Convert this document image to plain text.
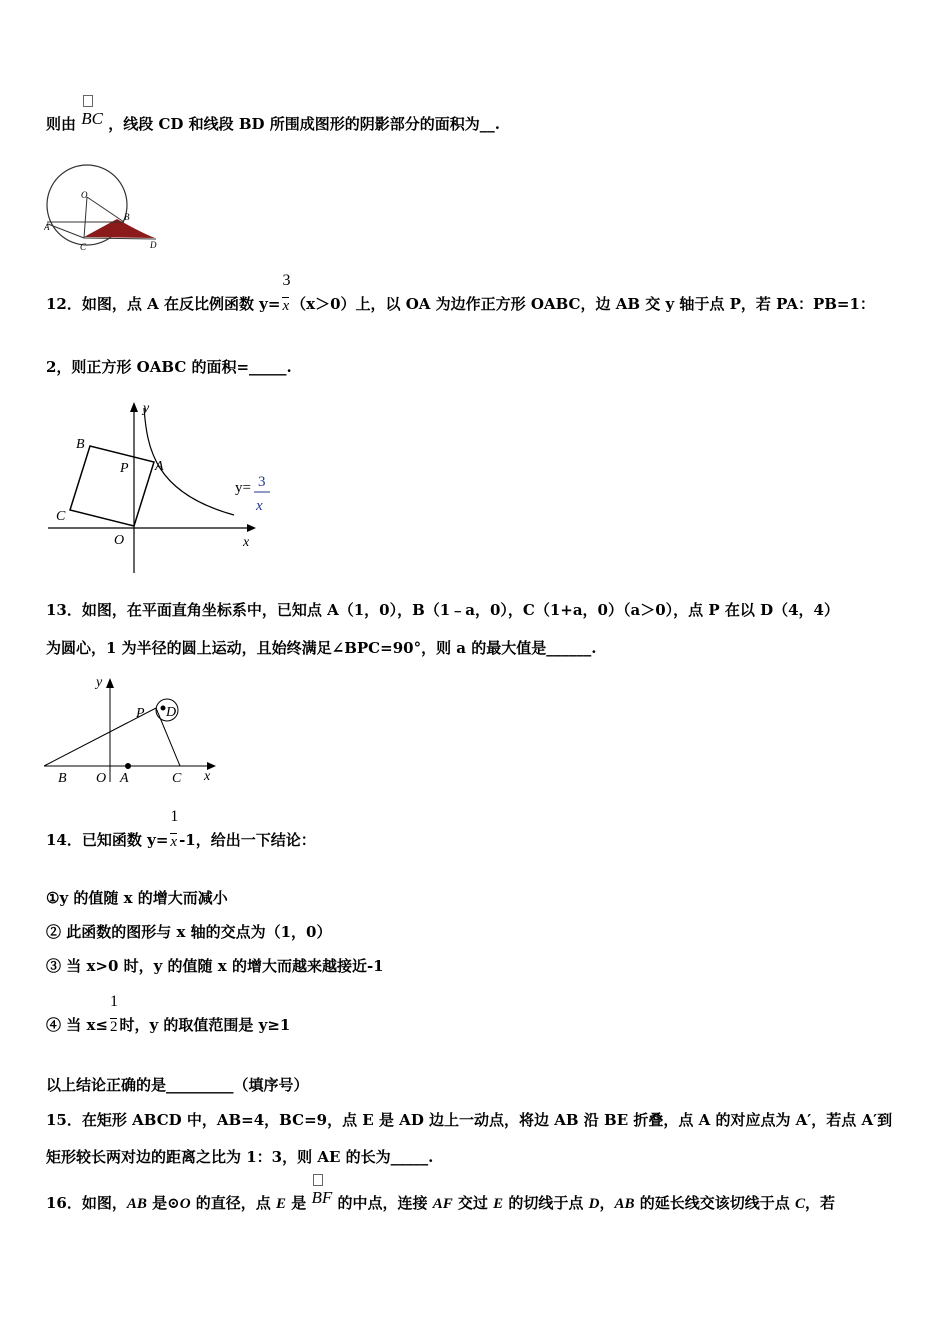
则由 BC ，线段 CD 和线段 BD 所围成图形的阴影部分的面积为__.
O
A
B
C	D
12．如图，点 A 在反比例函数 $y= \frac{3}{x} (x>0)$上，以 OA 为边作正方形 OABC，边 AB 交 y 轴于点 P，若 PA：PB=1：
2，则正方形 OABC 的面积=_____.
y= 3
x
y
x
O
A
B
C
P
13．如图，在平面直角坐标系中，已知点 A（1，0），B（1﹣a，0），C（1+a，0）（a＞0），点 P 在以 D（4，4）
为圆心，1 为半径的圆上运动，且始终满足∠BPC=90°，则 a 的最大值是______.
y
x
O A
B	C
P D
14．已知函数 $y= \frac{1}{x} -1$，给出一下结论：
①y 的值随 x 的增大而减小
② 此函数的图形与 x 轴的交点为（1，0）
③ 当 x>0 时，y 的值随 x 的增大而越来越接近-1
④ 当 $x\le \frac{1}{2}$ 时，y 的取值范围是 y≥1
以上结论正确的是_________（填序号）
15．在矩形 ABCD 中，AB=4，BC=9，点 E 是 AD 边上一动点，将边 AB 沿 BE 折叠，点 A 的对应点为 A′，若点 A′到
矩形较长两对边的距离之比为 1：3，则 AE 的长为_____.
16．如图，AB 是⊙O 的直径，点 E 是
BF 的中点，连接 AF 交过 E 的切线于点 D，AB 的延长线交该切线于点 C，若
